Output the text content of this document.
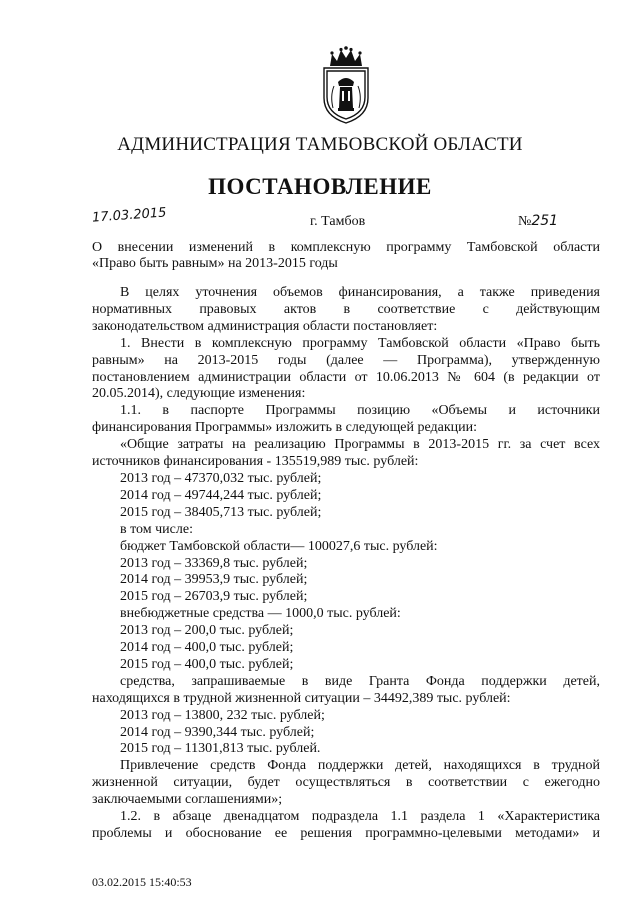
АДМИНИСТРАЦИЯ ТАМБОВСКОЙ ОБЛАСТИ
ПОСТАНОВЛЕНИЕ
17.03.2015	г. Тамбов	№251
О внесении изменений в комплексную программу Тамбовской области
«Право быть равным» на 2013-2015 годы

В целях уточнения объемов финансирования, а также приведения

нормативных правовых актов в соответствие с действующим

законодательством администрация области постановляет:

1. Внести в комплексную программу Тамбовской области «Право быть

равным» на 2013-2015 годы (далее — Программа), утвержденную

постановлением администрации области от 10.06.2013 № 604 (в редакции от

20.05.2014), следующие изменения:

1.1. в паспорте Программы позицию «Объемы и источники

финансирования Программы» изложить в следующей редакции:

«Общие затраты на реализацию Программы в 2013-2015 гг. за счет всех

источников финансирования - 135519,989 тыс. рублей:

2013 год – 47370,032 тыс. рублей;

2014 год – 49744,244 тыс. рублей;

2015 год – 38405,713 тыс. рублей;

в том числе:

бюджет Тамбовской области— 100027,6 тыс. рублей:

2013 год – 33369,8 тыс. рублей;

2014 год – 39953,9 тыс. рублей;

2015 год – 26703,9 тыс. рублей;

внебюджетные средства — 1000,0 тыс. рублей:

2013 год – 200,0 тыс. рублей;

2014 год – 400,0 тыс. рублей;

2015 год – 400,0 тыс. рублей;

средства, запрашиваемые в виде Гранта Фонда поддержки детей,

находящихся в трудной жизненной ситуации – 34492,389 тыс. рублей:

2013 год – 13800, 232 тыс. рублей;

2014 год – 9390,344 тыс. рублей;

2015 год – 11301,813 тыс. рублей.

Привлечение средств Фонда поддержки детей, находящихся в трудной

жизненной ситуации, будет осуществляться в соответствии с ежегодно

заключаемыми соглашениями»;

1.2. в абзаце двенадцатом подраздела 1.1 раздела 1 «Характеристика

проблемы и обоснование ее решения программно-целевыми методами» и

03.02.2015 15:40:53
